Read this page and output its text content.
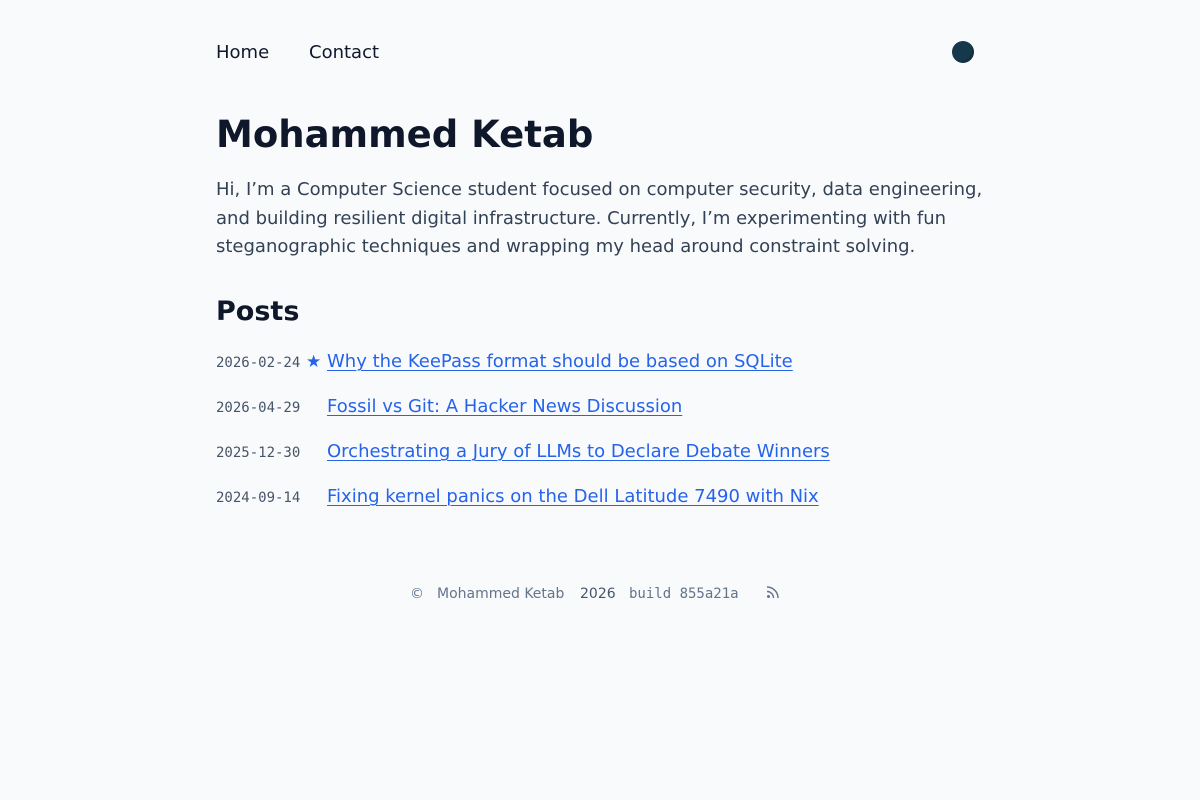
Home Contact
Mohammed Ketab

Hi, I’m a Computer Science student focused on computer security, data engineering, and building resilient digital infrastructure. Currently, I’m experimenting with fun steganographic techniques and wrapping my head around constraint solving.

Posts
2026-02-24 ★ Why the KeePass format should be based on SQLite
2026-04-29 Fossil vs Git: A Hacker News Discussion
2025-12-30 Orchestrating a Jury of LLMs to Declare Debate Winners
2024-09-14 Fixing kernel panics on the Dell Latitude 7490 with Nix
© Mohammed Ketab 2026 build 855a21a
